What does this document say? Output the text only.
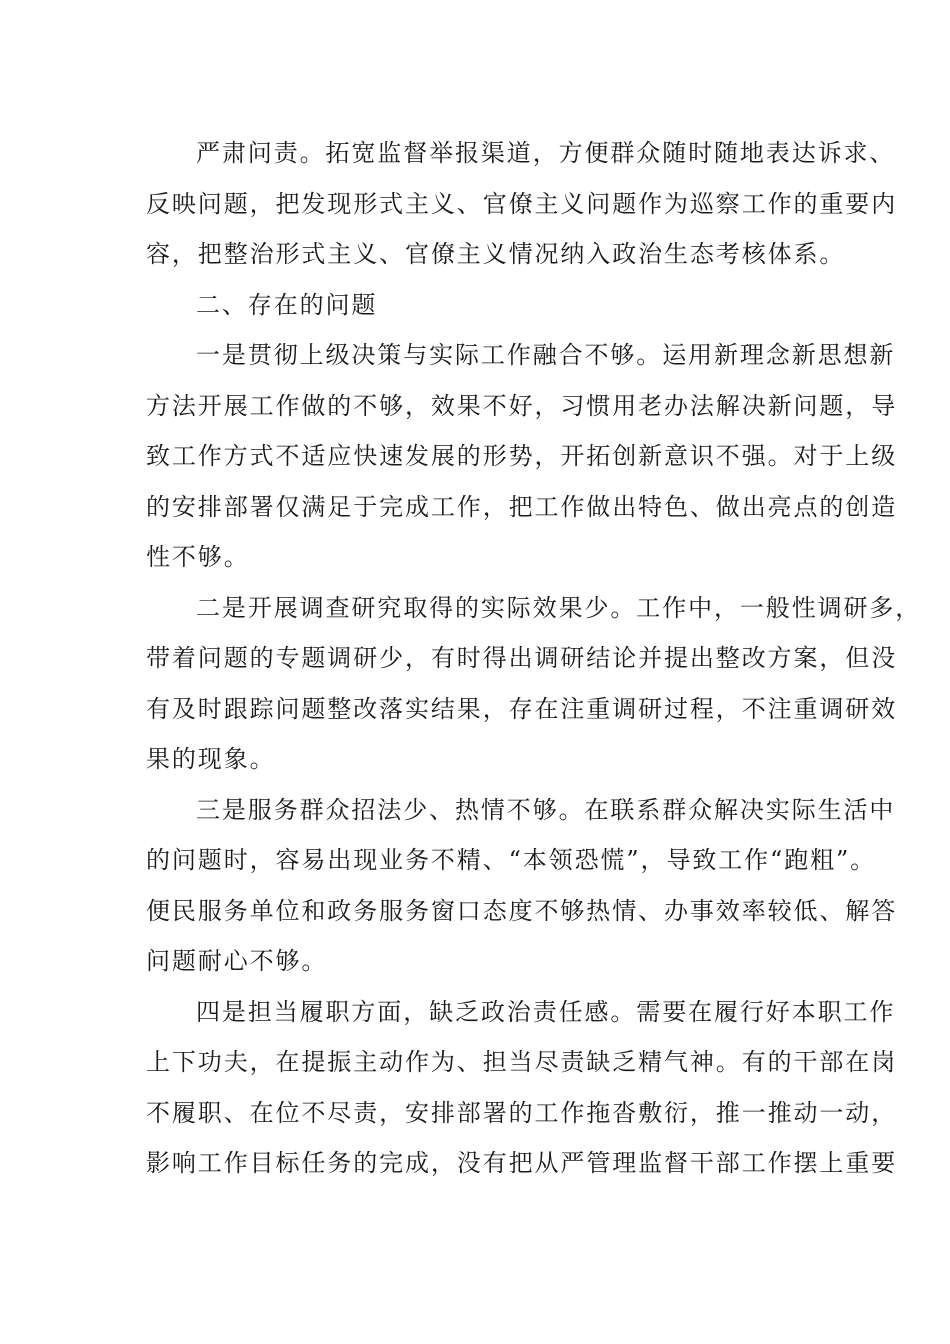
严肃问责。拓宽监督举报渠道，方便群众随时随地表达诉求、
反映问题，把发现形式主义、官僚主义问题作为巡察工作的重要内
容，把整治形式主义、官僚主义情况纳入政治生态考核体系。
二、存在的问题
一是贯彻上级决策与实际工作融合不够。运用新理念新思想新
方法开展工作做的不够，效果不好，习惯用老办法解决新问题，导
致工作方式不适应快速发展的形势，开拓创新意识不强。对于上级
的安排部署仅满足于完成工作，把工作做出特色、做出亮点的创造
性不够。
二是开展调查研究取得的实际效果少。工作中，一般性调研多，
带着问题的专题调研少，有时得出调研结论并提出整改方案，但没
有及时跟踪问题整改落实结果，存在注重调研过程，不注重调研效
果的现象。
三是服务群众招法少、热情不够。在联系群众解决实际生活中
的问题时，容易出现业务不精、“本领恐慌”，导致工作“跑粗”。
便民服务单位和政务服务窗口态度不够热情、办事效率较低、解答
问题耐心不够。
四是担当履职方面，缺乏政治责任感。需要在履行好本职工作
上下功夫，在提振主动作为、担当尽责缺乏精气神。有的干部在岗
不履职、在位不尽责，安排部署的工作拖沓敷衍，推一推动一动，
影响工作目标任务的完成，没有把从严管理监督干部工作摆上重要
